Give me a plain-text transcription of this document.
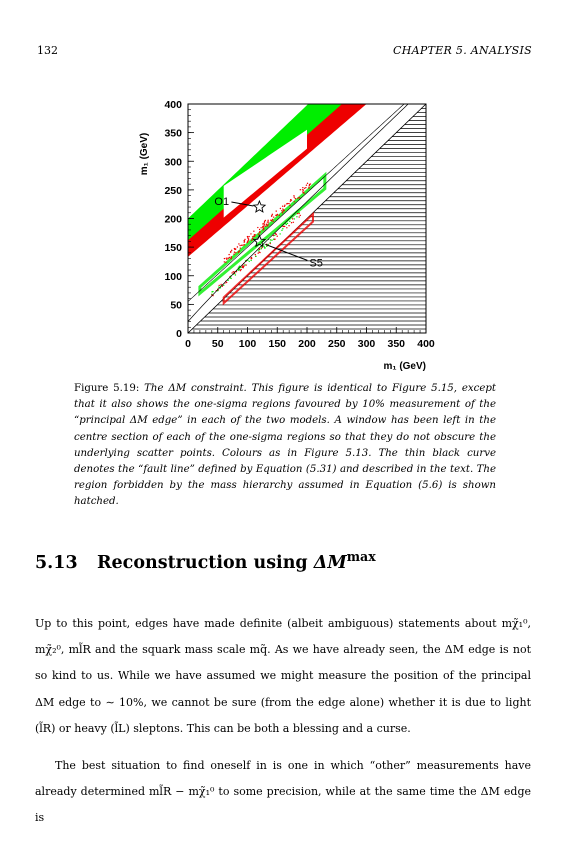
132	CHAPTER 5. ANALYSIS
0 50 100 150 200 250 300 350 400
0
50
100
150
200
250
300
350
400
m₁ (GeV)
m₁ (GeV)
O1
S5
Figure 5.19: The ΔM constraint. This figure is identical to Figure 5.15, except that it also shows the one-sigma regions favoured by 10% measurement of the “principal ΔM edge” in each of the two models. A window has been left in the centre section of each of the one-sigma regions so that they do not obscure the underlying scatter points. Colours as in Figure 5.13. The thin black curve denotes the “fault line” defined by Equation (5.31) and described in the text. The region forbidden by the mass hierarchy assumed in Equation (5.6) is shown hatched.
5.13 Reconstruction using $\Delta M^{max}$

Up to this point, edges have made definite (albeit ambiguous) statements about mχ̃₁⁰, mχ̃₂⁰, ml̃R and the squark mass scale mq̃. As we have already seen, the ΔM edge is not so kind to us. While we have assumed we might measure the position of the principal ΔM edge to ∼ 10%, we cannot be sure (from the edge alone) whether it is due to light (l̃R) or heavy (l̃L) sleptons. This can be both a blessing and a curse.

The best situation to find oneself in is one in which “other” measurements have already determined ml̃R − mχ̃₁⁰ to some precision, while at the same time the ΔM edge is
